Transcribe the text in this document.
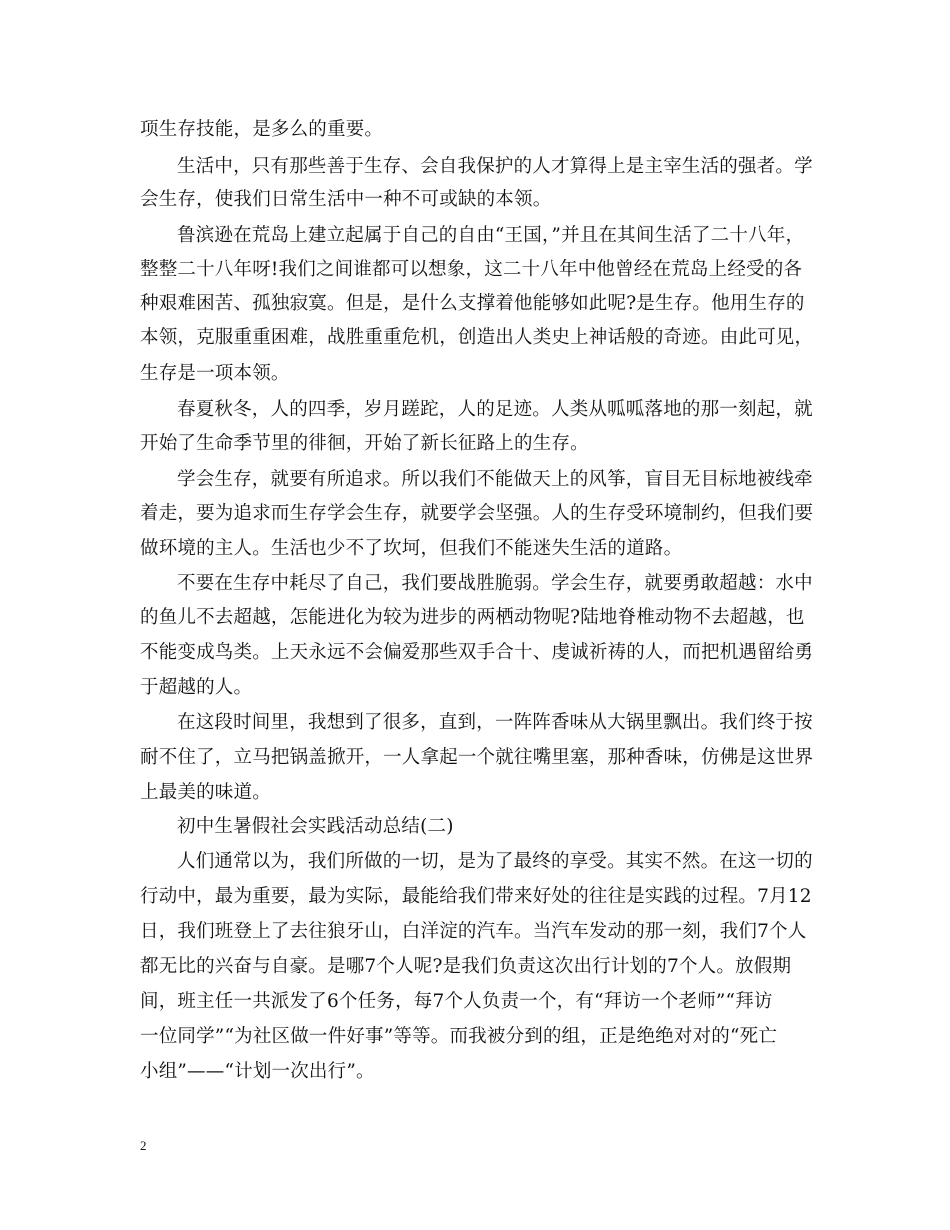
项生存技能，是多么的重要。
生活中，只有那些善于生存、会自我保护的人才算得上是主宰生活的强者。学
会生存，使我们日常生活中一种不可或缺的本领。
鲁滨逊在荒岛上建立起属于自己的自由“王国，”并且在其间生活了二十八年，
整整二十八年呀!我们之间谁都可以想象，这二十八年中他曾经在荒岛上经受的各
种艰难困苦、孤独寂寞。但是，是什么支撑着他能够如此呢?是生存。他用生存的
本领，克服重重困难，战胜重重危机，创造出人类史上神话般的奇迹。由此可见，
生存是一项本领。
春夏秋冬，人的四季，岁月蹉跎，人的足迹。人类从呱呱落地的那一刻起，就
开始了生命季节里的徘徊，开始了新长征路上的生存。
学会生存，就要有所追求。所以我们不能做天上的风筝，盲目无目标地被线牵
着走，要为追求而生存学会生存，就要学会坚强。人的生存受环境制约，但我们要
做环境的主人。生活也少不了坎坷，但我们不能迷失生活的道路。
不要在生存中耗尽了自己，我们要战胜脆弱。学会生存，就要勇敢超越：水中
的鱼儿不去超越，怎能进化为较为进步的两栖动物呢?陆地脊椎动物不去超越，也
不能变成鸟类。上天永远不会偏爱那些双手合十、虔诚祈祷的人，而把机遇留给勇
于超越的人。
在这段时间里，我想到了很多，直到，一阵阵香味从大锅里飘出。我们终于按
耐不住了，立马把锅盖掀开，一人拿起一个就往嘴里塞，那种香味，仿佛是这世界
上最美的味道。
初中生暑假社会实践活动总结(二)
人们通常以为，我们所做的一切，是为了最终的享受。其实不然。在这一切的
行动中，最为重要，最为实际，最能给我们带来好处的往往是实践的过程。7月12
日，我们班登上了去往狼牙山，白洋淀的汽车。当汽车发动的那一刻，我们7个人
都无比的兴奋与自豪。是哪7个人呢?是我们负责这次出行计划的7个人。放假期
间，班主任一共派发了6个任务，每7个人负责一个，有“拜访一个老师”“拜访
一位同学”“为社区做一件好事”等等。而我被分到的组，正是绝绝对对的“死亡
小组”——“计划一次出行”。
2
